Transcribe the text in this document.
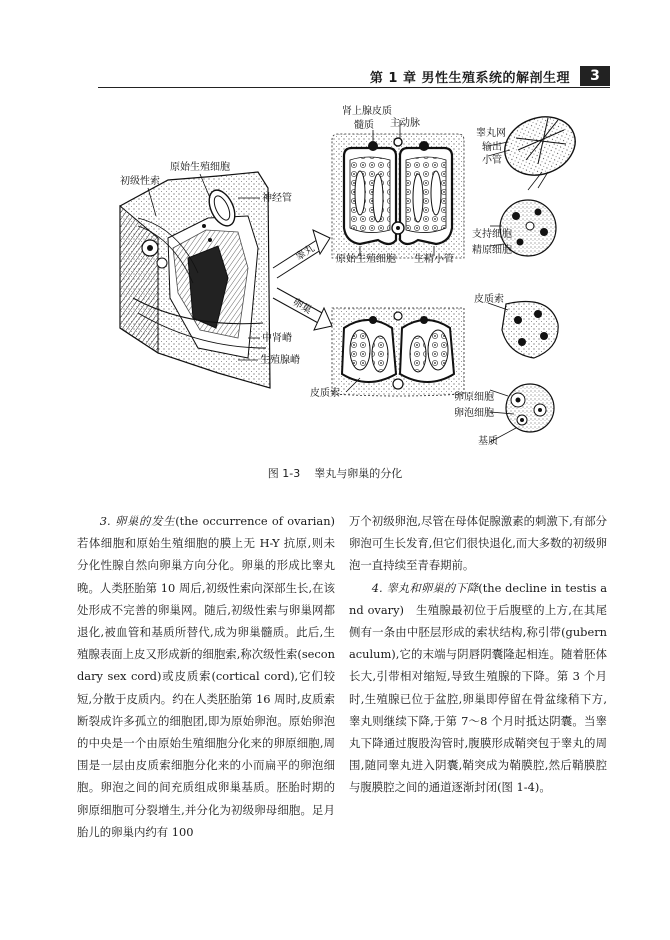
第 1 章 男性生殖系统的解剖生理	3
初级性索
原始生殖细胞
神经管
中肾嵴
生殖腺嵴
肾上腺皮质
髓质 主动脉
原始生殖细胞 生精小管
睾丸网
输出
小管
支持细胞
精原细胞
皮质索
皮质索	卵原细胞
卵泡细胞
基质
睾丸
卵巢
图 1-3 睾丸与卵巢的分化

3. 卵巢的发生(the occurrence of ovarian)　若体细胞和原始生殖细胞的膜上无 H-Y 抗原,则未分化性腺自然向卵巢方向分化。卵巢的形成比睾丸晚。人类胚胎第 10 周后,初级性索向深部生长,在该处形成不完善的卵巢网。随后,初级性索与卵巢网都退化,被血管和基质所替代,成为卵巢髓质。此后,生殖腺表面上皮又形成新的细胞索,称次级性索(secondary sex cord)或皮质索(cortical cord),它们较短,分散于皮质内。约在人类胚胎第 16 周时,皮质索断裂成许多孤立的细胞团,即为原始卵泡。原始卵泡的中央是一个由原始生殖细胞分化来的卵原细胞,周围是一层由皮质索细胞分化来的小而扁平的卵泡细胞。卵泡之间的间充质组成卵巢基质。胚胎时期的卵原细胞可分裂增生,并分化为初级卵母细胞。足月胎儿的卵巢内约有 100

万个初级卵泡,尽管在母体促腺激素的刺激下,有部分卵泡可生长发育,但它们很快退化,而大多数的初级卵泡一直持续至青春期前。

4. 睾丸和卵巢的下降(the decline in testis and ovary)　生殖腺最初位于后腹壁的上方,在其尾侧有一条由中胚层形成的索状结构,称引带(gubernaculum),它的末端与阴唇阴囊隆起相连。随着胚体长大,引带相对缩短,导致生殖腺的下降。第 3 个月时,生殖腺已位于盆腔,卵巢即停留在骨盆缘稍下方,睾丸则继续下降,于第 7～8 个月时抵达阴囊。当睾丸下降通过腹股沟管时,腹膜形成鞘突包于睾丸的周围,随同睾丸进入阴囊,鞘突成为鞘膜腔,然后鞘膜腔与腹膜腔之间的通道逐渐封闭(图 1-4)。
